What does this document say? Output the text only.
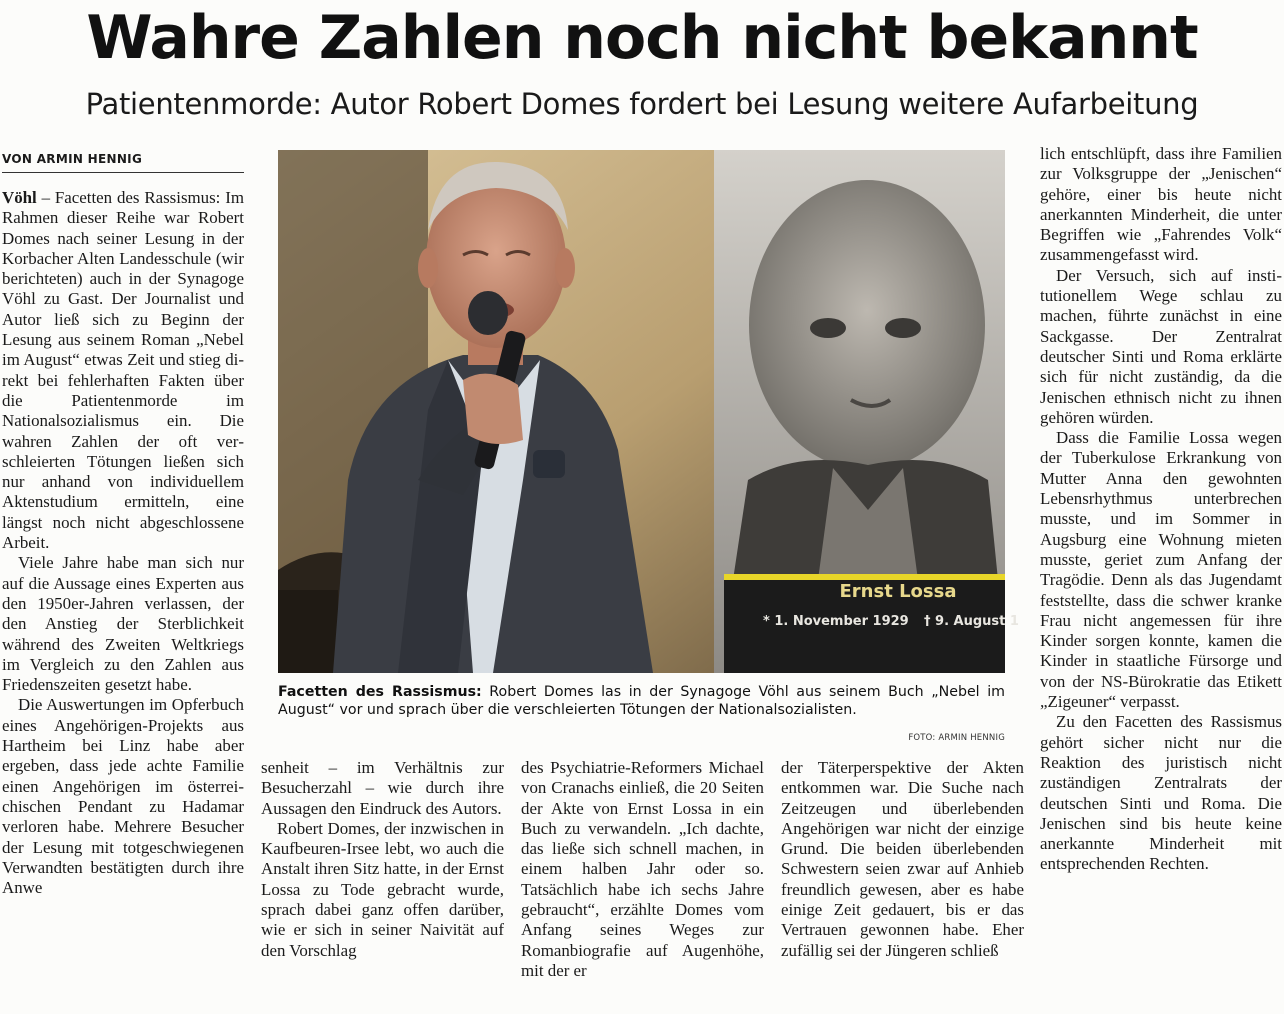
Wahre Zahlen noch nicht bekannt
Patientenmorde: Autor Robert Domes fordert bei Lesung weitere Aufarbeitung
VON ARMIN HENNIG

Vöhl – Facetten des Rassismus: Im Rahmen dieser Reihe war Robert Domes nach seiner Lesung in der Korbacher Alten Landesschule (wir berichteten) auch in der Synagoge Vöhl zu Gast. Der Journalist und Autor ließ sich zu Beginn der Lesung aus seinem Roman „Nebel im August“ etwas Zeit und stieg direkt bei fehlerhaften Fakten über die Patientenmorde im Nationalsozialismus ein. Die wahren Zahlen der oft verschleierten Tötungen ließen sich nur anhand von individuellem Aktenstudium ermitteln, eine längst noch nicht abgeschlossene Arbeit.

Viele Jahre habe man sich nur auf die Aussage eines Experten aus den 1950er-Jahren verlassen, der den Anstieg der Sterblichkeit während des Zweiten Weltkriegs im Vergleich zu den Zahlen aus Friedenszeiten gesetzt habe.

Die Auswertungen im Opferbuch eines Angehörigen-Projekts aus Hartheim bei Linz habe aber ergeben, dass jede achte Familie einen Angehörigen im österreichischen Pendant zu Hadamar verloren habe. Mehrere Besucher der Lesung mit totgeschwiegenen Verwandten bestätigten durch ihre Anwe

Ernst Lossa
* 1. November 1929 † 9. August 1
Facetten des Rassismus: Robert Domes las in der Synagoge Vöhl aus seinem Buch „Nebel im August“ vor und sprach über die verschleierten Tötungen der Nationalsozialisten.
FOTO: ARMIN HENNIG

senheit – im Verhältnis zur Besucherzahl – wie durch ihre Aussagen den Eindruck des Autors.

Robert Domes, der inzwischen in Kaufbeuren-Irsee lebt, wo auch die Anstalt ihren Sitz hatte, in der Ernst Lossa zu Tode gebracht wurde, sprach dabei ganz offen darüber, wie er sich in seiner Naivität auf den Vorschlag

des Psychiatrie-Reformers Michael von Cranachs einließ, die 20 Seiten der Akte von Ernst Lossa in ein Buch zu verwandeln. „Ich dachte, das ließe sich schnell machen, in einem halben Jahr oder so. Tatsächlich habe ich sechs Jahre gebraucht“, erzählte Domes vom Anfang seines Weges zur Romanbiografie auf Augenhöhe, mit der er

der Täterperspektive der Akten entkommen war. Die Suche nach Zeitzeugen und überlebenden Angehörigen war nicht der einzige Grund. Die beiden überlebenden Schwestern seien zwar auf Anhieb freundlich gewesen, aber es habe einige Zeit gedauert, bis er das Vertrauen gewonnen habe. Eher zufällig sei der Jüngeren schließ

lich entschlüpft, dass ihre Familien zur Volksgruppe der „Jenischen“ gehöre, einer bis heute nicht anerkannten Minderheit, die unter Begriffen wie „Fahrendes Volk“ zusammengefasst wird.

Der Versuch, sich auf institutionellem Wege schlau zu machen, führte zunächst in eine Sackgasse. Der Zentralrat deutscher Sinti und Roma erklärte sich für nicht zuständig, da die Jenischen ethnisch nicht zu ihnen gehören würden.

Dass die Familie Lossa wegen der Tuberkulose Erkrankung von Mutter Anna den gewohnten Lebensrhythmus unterbrechen musste, und im Sommer in Augsburg eine Wohnung mieten musste, geriet zum Anfang der Tragödie. Denn als das Jugendamt feststellte, dass die schwer kranke Frau nicht angemessen für ihre Kinder sorgen konnte, kamen die Kinder in staatliche Fürsorge und von der NS-Bürokratie das Etikett „Zigeuner“ verpasst.

Zu den Facetten des Rassismus gehört sicher nicht nur die Reaktion des juristisch nicht zuständigen Zentralrats der deutschen Sinti und Roma. Die Jenischen sind bis heute keine anerkannte Minderheit mit entsprechenden Rechten.
